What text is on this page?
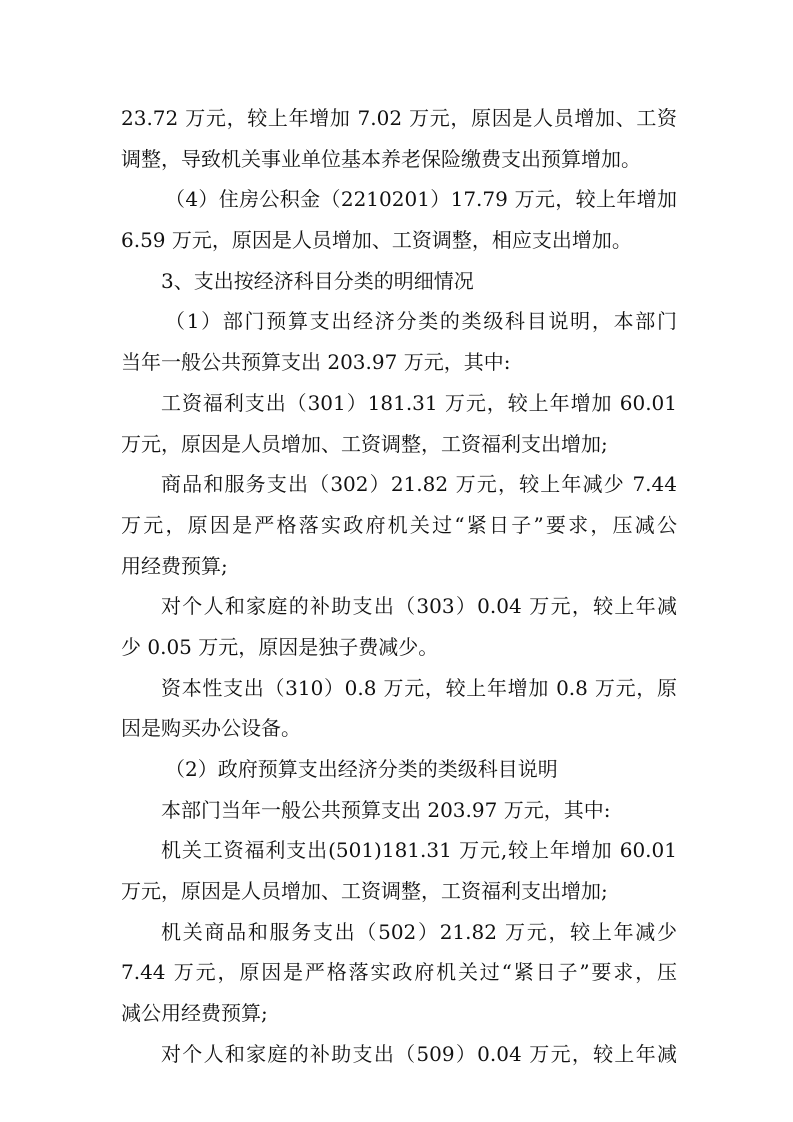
23.72 万元，较上年增加 7.02 万元，原因是人员增加、工资
调整，导致机关事业单位基本养老保险缴费支出预算增加。
（4）住房公积金（2210201）17.79 万元，较上年增加
6.59 万元，原因是人员增加、工资调整，相应支出增加。
3、支出按经济科目分类的明细情况
（1）部门预算支出经济分类的类级科目说明，本部门
当年一般公共预算支出 203.97 万元，其中:
工资福利支出（301）181.31 万元，较上年增加 60.01
万元，原因是人员增加、工资调整，工资福利支出增加;
商品和服务支出（302）21.82 万元，较上年减少 7.44
万元，原因是严格落实政府机关过“紧日子”要求，压减公
用经费预算;
对个人和家庭的补助支出（303）0.04 万元，较上年减
少 0.05 万元，原因是独子费减少。
资本性支出（310）0.8 万元，较上年增加 0.8 万元，原
因是购买办公设备。
（2）政府预算支出经济分类的类级科目说明
本部门当年一般公共预算支出 203.97 万元，其中:
机关工资福利支出(501)181.31 万元,较上年增加 60.01
万元，原因是人员增加、工资调整，工资福利支出增加;
机关商品和服务支出（502）21.82 万元，较上年减少
7.44 万元，原因是严格落实政府机关过“紧日子”要求，压
减公用经费预算;
对个人和家庭的补助支出（509）0.04 万元，较上年减
